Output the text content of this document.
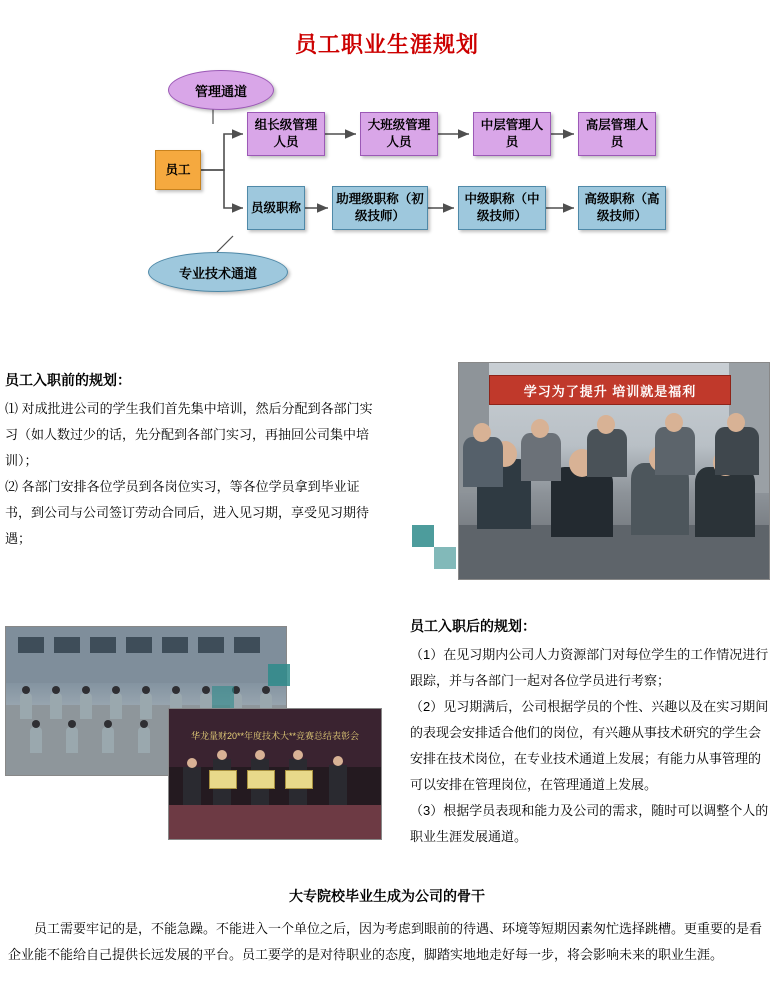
员工职业生涯规划
管理通道
专业技术通道
员工
组长级管理人员
大班级管理人员
中层管理人员
高层管理人员
员级职称
助理级职称（初级技师）
中级职称（中级技师）
高级职称（高级技师）
员工入职前的规划：
⑴ 对成批进公司的学生我们首先集中培训，然后分配到各部门实习（如人数过少的话，先分配到各部门实习，再抽回公司集中培训）；
⑵ 各部门安排各位学员到各岗位实习，等各位学员拿到毕业证书，到公司与公司签订劳动合同后，进入见习期，享受见习期待遇；
学习为了提升 培训就是福利
华龙量财20**年度技术大**竞赛总结表彰会
员工入职后的规划：
（1）在见习期内公司人力资源部门对每位学生的工作情况进行跟踪，并与各部门一起对各位学员进行考察；
（2）见习期满后，公司根据学员的个性、兴趣以及在实习期间的表现会安排适合他们的岗位，有兴趣从事技术研究的学生会安排在技术岗位，在专业技术通道上发展；有能力从事管理的可以安排在管理岗位，在管理通道上发展。
（3）根据学员表现和能力及公司的需求，随时可以调整个人的职业生涯发展通道。
大专院校毕业生成为公司的骨干
员工需要牢记的是，不能急躁。不能进入一个单位之后，因为考虑到眼前的待遇、环境等短期因素匆忙选择跳槽。更重要的是看企业能不能给自己提供长远发展的平台。员工要学的是对待职业的态度，脚踏实地地走好每一步，将会影响未来的职业生涯。
